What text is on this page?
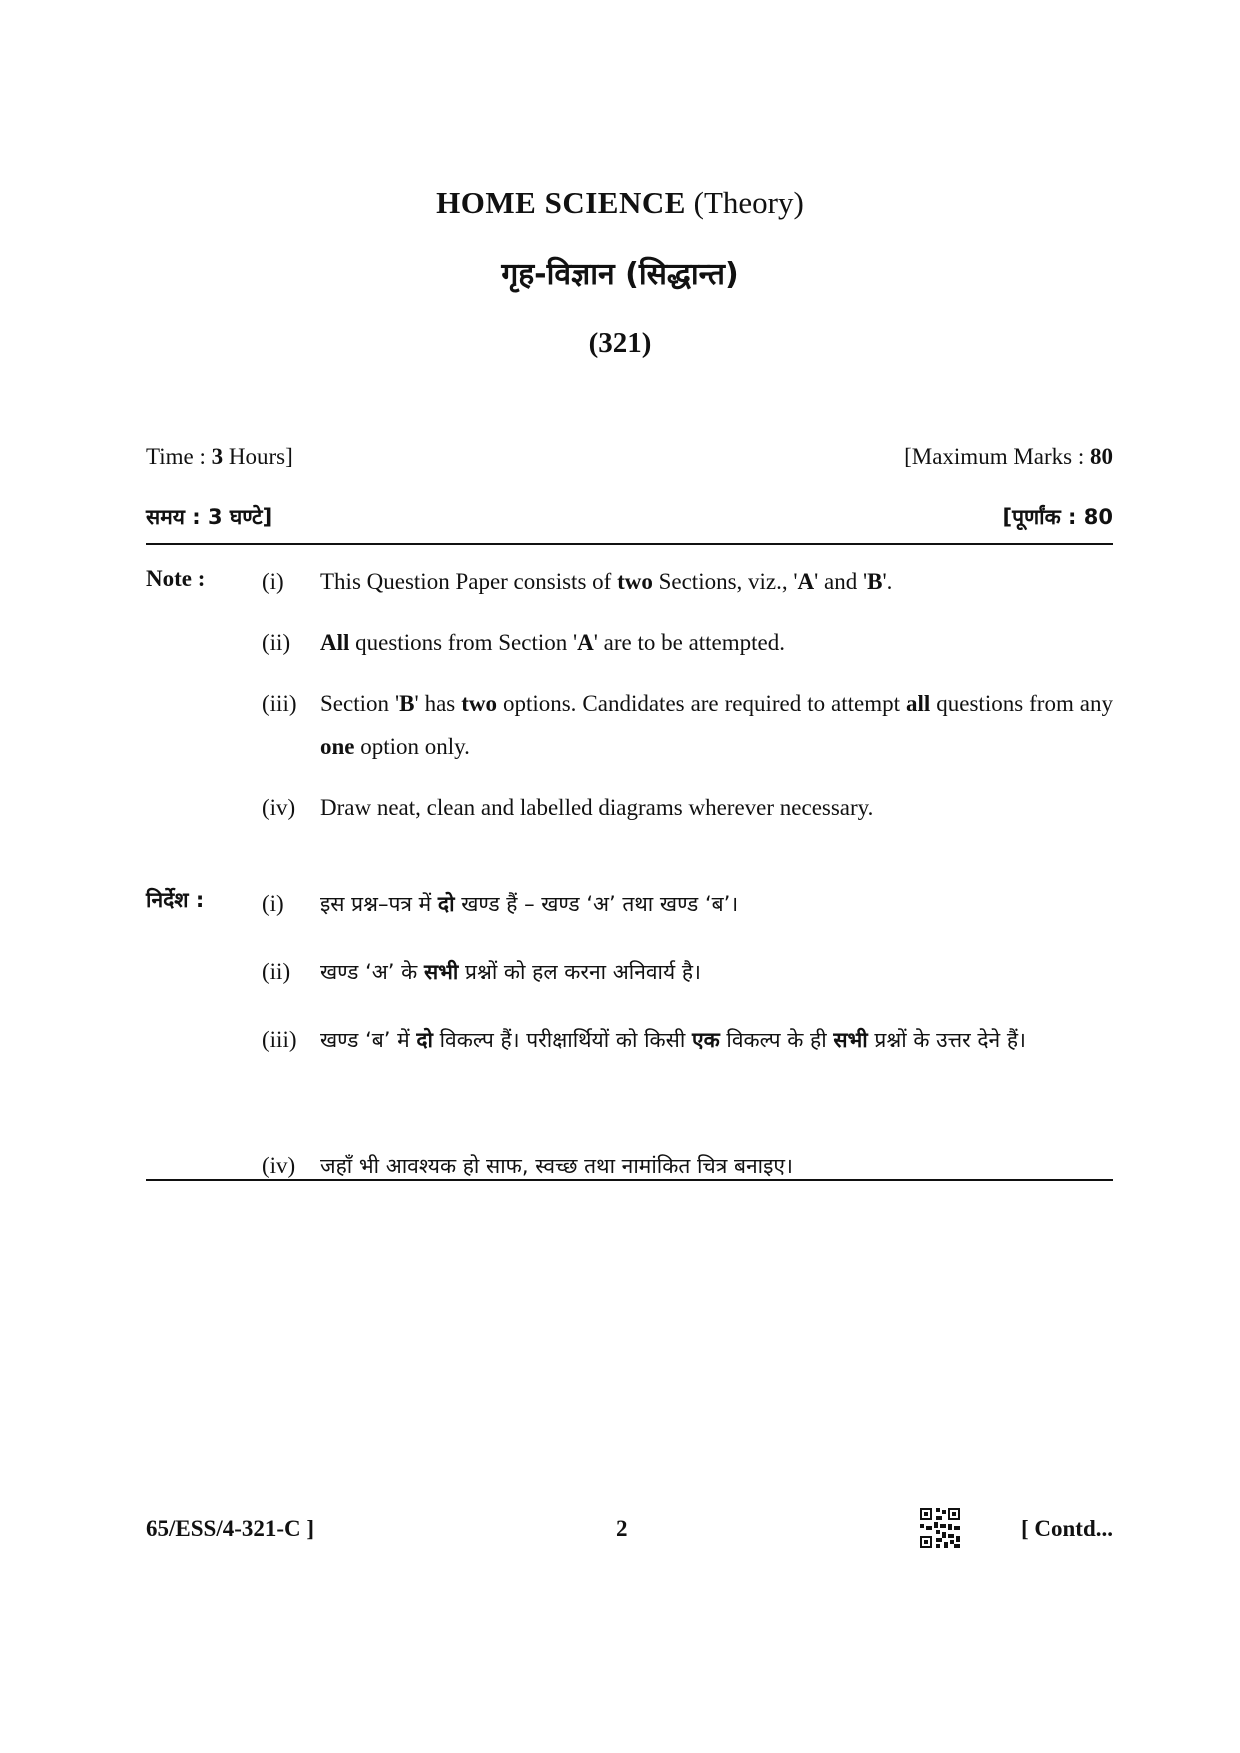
HOME SCIENCE (Theory)
गृह-विज्ञान (सिद्धान्त)
(321)
Time : 3 Hours]	[Maximum Marks : 80
समय : 3 घण्टे]	[पूर्णांक : 80
Note : (i)	This Question Paper consists of two Sections, viz., 'A' and 'B'.
(ii)	All questions from Section 'A' are to be attempted.
(iii)	Section 'B' has two options. Candidates are required to attempt all questions from any one option only.
(iv)	Draw neat, clean and labelled diagrams wherever necessary.
निर्देश :	(i)	इस प्रश्न–पत्र में दो खण्ड हैं – खण्ड ‘अ’ तथा खण्ड ‘ब’।
(ii)	खण्ड ‘अ’ के सभी प्रश्नों को हल करना अनिवार्य है।
(iii)	खण्ड ‘ब’ में दो विकल्प हैं। परीक्षार्थियों को किसी एक विकल्प के ही सभी प्रश्नों के उत्तर देने हैं।
(iv)	जहाँ भी आवश्यक हो साफ, स्वच्छ तथा नामांकित चित्र बनाइए।
65/ESS/4-321-C ]	2	[ Contd...
